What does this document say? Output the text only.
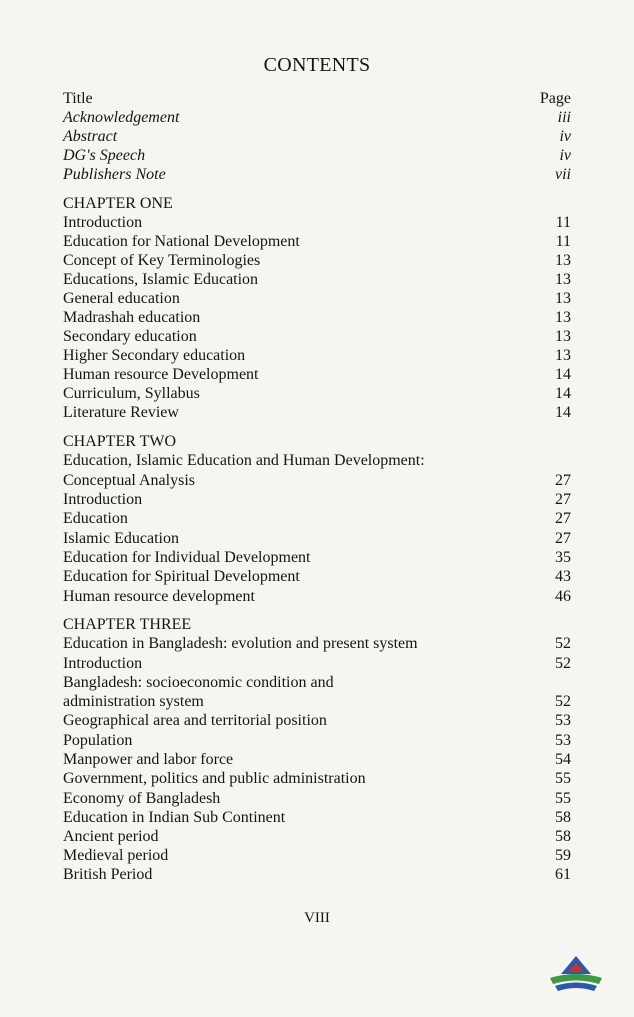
CONTENTS
Title	Page
Acknowledgement	iii
Abstract	iv
DG's Speech	iv
Publishers Note	vii
CHAPTER ONE
Introduction	11
Education for National Development	11
Concept of Key Terminologies	13
Educations, Islamic Education	13
General education	13
Madrashah education	13
Secondary education	13
Higher Secondary education	13
Human resource Development	14
Curriculum, Syllabus	14
Literature Review	14
CHAPTER TWO
Education, Islamic Education and Human Development:
Conceptual Analysis	27
Introduction	27
Education	27
Islamic Education	27
Education for Individual Development	35
Education for Spiritual Development	43
Human resource development	46
CHAPTER THREE
Education in Bangladesh: evolution and present system	52
Introduction	52
Bangladesh: socioeconomic condition and
administration system	52
Geographical area and territorial position	53
Population	53
Manpower and labor force	54
Government, politics and public administration	55
Economy of Bangladesh	55
Education in Indian Sub Continent	58
Ancient period	58
Medieval period	59
British Period	61
VIII
